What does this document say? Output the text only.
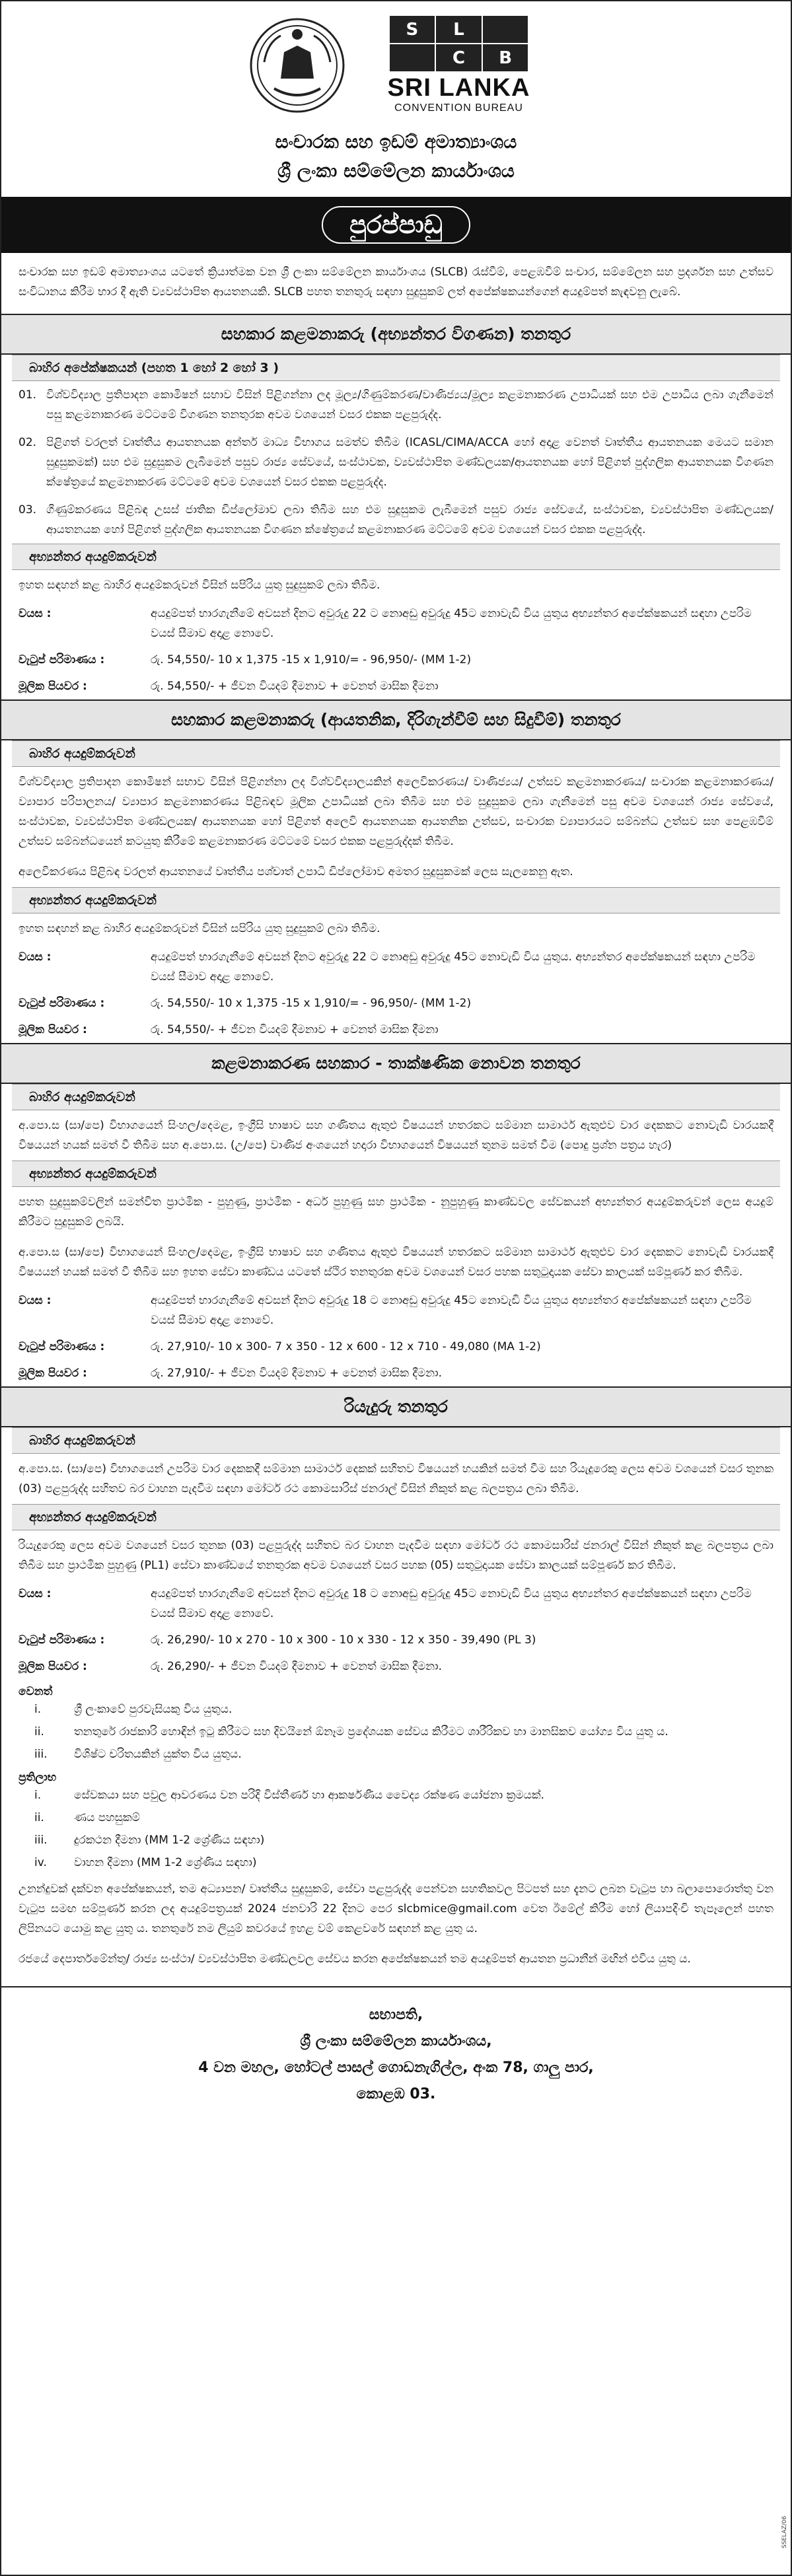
S	L
C	B
SRI LANKA
CONVENTION BUREAU
සංචාරක සහ ඉඩම් අමාත්‍යාංශය
ශ්‍රී ලංකා සම්මේලන කාර්යාංශය
පුරප්පාඩු
සංචාරක සහ ඉඩම් අමාත්‍යාංශය යටතේ ක්‍රියාත්මක වන ශ්‍රී ලංකා සම්මේලන කාර්යාංශය (SLCB) රැස්වීම්, පෙළඹවීම් සංචාර, සම්මේලන සහ ප්‍රදර්ශන සහ උත්සව සංවිධානය කිරීම භාර දී ඇති ව්‍යවස්ථාපිත ආයතනයකි. SLCB පහත තනතුරු සඳහා සුදුසුකම් ලත් අපේක්ෂකයන්ගෙන් අයදුම්පත් කැඳවනු ලැබේ.
සහකාර කළමනාකරු (අභ්‍යන්තර විගණන) තනතුර
බාහිර අපේක්ෂකයන් (පහත 1 හෝ 2 හෝ 3 )
01. විශ්වවිද්‍යාල ප්‍රතිපාදන කොමිෂන් සභාව විසින් පිළිගන්නා ලද මූල්‍ය/ගිණුම්කරණ/වාණිජ්‍යය/මූල්‍ය කළමනාකරණ උපාධියක් සහ එම උපාධිය ලබා ගැනීමෙන් පසු කළමනාකරණ මට්ටමේ විගණන තනතුරක අවම වශයෙන් වසර එකක පළපුරුද්ද.
02. පිළිගත් වරලත් වෘත්තීය ආයතනයක අන්තර් මාධ්‍ය විභාගය සමත්ව තිබීම (ICASL/CIMA/ACCA හෝ අදාළ වෙනත් වෘත්තීය ආයතනයක මෙයට සමාන සුදුසුකමක්) සහ එම සුදුසුකම ලැබීමෙන් පසුව රාජ්‍ය සේවයේ, සංස්ථාවක, ව්‍යවස්ථාපිත මණ්ඩලයක/ආයතනයක හෝ පිළිගත් පුද්ගලික ආයතනයක විගණන ක්ෂේත්‍රයේ කළමනාකරණ මට්ටමේ අවම වශයෙන් වසර එකක පළපුරුද්ද.
03. ගිණුම්කරණය පිළිබඳ උසස් ජාතික ඩිප්ලෝමාව ලබා තිබීම සහ එම සුදුසුකම ලැබීමෙන් පසුව රාජ්‍ය සේවයේ, සංස්ථාවක, ව්‍යවස්ථාපිත මණ්ඩලයක/ආයතනයක හෝ පිළිගත් පුද්ගලික ආයතනයක විගණන ක්ෂේත්‍රයේ කළමනාකරණ මට්ටමේ අවම වශයෙන් වසර එකක පළපුරුද්ද.
අභ්‍යන්තර අයදුම්කරුවන්
ඉහත සඳහන් කළ බාහිර අයදුම්කරුවන් විසින් සපිරිය යුතු සුදුසුකම් ලබා තිබීම.
වයස :	අයදුම්පත් භාරගැනීමේ අවසන් දිනට අවුරුදු 22 ට නොඅඩු අවුරුදු 45ට නොවැඩි විය යුතුය අභ්‍යන්තර අපේක්ෂකයන් සඳහා උපරිම වයස් සීමාව අදාළ නොවේ.
වැටුප් පරිමාණය :	රු. 54,550/- 10 x 1,375 -15 x 1,910/= - 96,950/- (MM 1-2)
මූලික පියවර :	රු. 54,550/- + ජීවන වියදම් දීමනාව + වෙනත් මාසික දීමනා
සහකාර කළමනාකරු (ආයතනික, දිරිගැන්වීම් සහ සිදුවීම්) තනතුර
බාහිර අයදුම්කරුවන්
විශ්වවිද්‍යාල ප්‍රතිපාදන කොමිෂන් සභාව විසින් පිළිගන්නා ලද විශ්වවිද්‍යාලයකින් අලෙවිකරණය/ වාණිජ්‍යය/ උත්සව කළමනාකරණය/ සංචාරක කළමනාකරණය/ ව්‍යාපාර පරිපාලනය/ ව්‍යාපාර කළමනාකරණය පිළිබඳව මූලික උපාධියක් ලබා තිබීම සහ එම සුදුසුකම ලබා ගැනීමෙන් පසු අවම වශයෙන් රාජ්‍ය සේවයේ, සංස්ථාවක, ව්‍යවස්ථාපිත මණ්ඩලයක/ ආයතනයක හෝ පිළිගත් අලෙවි ආයතනයක ආයතනික උත්සව, සංචාරක ව්‍යාපාරයට සම්බන්ධ උත්සව සහ පෙළඹවීම් උත්සව සම්බන්ධයෙන් කටයුතු කිරීමේ කළමනාකරණ මට්ටමේ වසර එකක පළපුරුද්දක් තිබීම.
අලෙවිකරණය පිළිබඳ වරලත් ආයතනයේ වෘත්තීය පශ්චාත් උපාධි ඩිප්ලෝමාව අමතර සුදුසුකමක් ලෙස සැලකෙනු ඇත.
අභ්‍යන්තර අයදුම්කරුවන්
ඉහත සඳහන් කළ බාහිර අයදුම්කරුවන් විසින් සපිරිය යුතු සුදුසුකම් ලබා තිබීම.
වයස :	අයදුම්පත් භාරගැනීමේ අවසන් දිනට අවුරුදු 22 ට නොඅඩු අවුරුදු 45ට නොවැඩි විය යුතුය. අභ්‍යන්තර අපේක්ෂකයන් සඳහා උපරිම වයස් සීමාව අදාළ නොවේ.
වැටුප් පරිමාණය :	රු. 54,550/- 10 x 1,375 -15 x 1,910/= - 96,950/- (MM 1-2)
මූලික පියවර :	රු. 54,550/- + ජීවන වියදම් දීමනාව + වෙනත් මාසික දීමනා
කළමනාකරණ සහකාර - තාක්ෂණික නොවන තනතුර
බාහිර අයදුම්කරුවන්
අ.පො.ස (සා/පෙ) විභාගයෙන් සිංහල/දෙමළ, ඉංග්‍රීසි භාෂාව සහ ගණිතය ඇතුළු විෂයයන් හතරකට සම්මාන සාමාර්ථ ඇතුළුව වාර දෙකකට නොවැඩි වාරයකදී විෂයයන් හයක් සමත් වී තිබීම සහ අ.පො.ස. (උ/පෙ) වාණිජ අංශයෙන් හදාරා විභාගයෙන් විෂයයන් තුනම සමත් වීම (පොදු ප්‍රශ්න පත්‍රය හැර)
අභ්‍යන්තර අයදුම්කරුවන්
පහත සුදුසුකම්වලින් සමන්විත ප්‍රාථමික - පුහුණු, ප්‍රාථමික - අර්ධ පුහුණු සහ ප්‍රාථමික - නුපුහුණු කාණ්ඩවල සේවකයන් අභ්‍යන්තර අයදුම්කරුවන් ලෙස අයදුම් කිරීමට සුදුසුකම් ලබයි.
අ.පො.ස (සා/පෙ) විභාගයෙන් සිංහල/දෙමළ, ඉංග්‍රීසි භාෂාව සහ ගණිතය ඇතුළු විෂයයන් හතරකට සම්මාන සාමාර්ථ ඇතුළුව වාර දෙකකට නොවැඩි වාරයකදී විෂයයන් හයක් සමත් වී තිබීම සහ ඉහත සේවා කාණ්ඩය යටතේ ස්ථිර තනතුරක අවම වශයෙන් වසර පහක සතුටුදායක සේවා කාලයක් සම්පූර්ණ කර තිබීම.
වයස :	අයදුම්පත් භාරගැනීමේ අවසන් දිනට අවුරුදු 18 ට නොඅඩු අවුරුදු 45ට නොවැඩි විය යුතුය අභ්‍යන්තර අපේක්ෂකයන් සඳහා උපරිම වයස් සීමාව අදාළ නොවේ.
වැටුප් පරිමාණය :	රු. 27,910/- 10 x 300- 7 x 350 - 12 x 600 - 12 x 710 - 49,080 (MA 1-2)
මූලික පියවර :	රු. 27,910/- + ජීවන වියදම් දීමනාව + වෙනත් මාසික දීමනා.
රියැදුරු තනතුර
බාහිර අයදුම්කරුවන්
අ.පො.ස. (සා/පෙ) විභාගයෙන් උපරිම වාර දෙකකදී සම්මාන සාමාර්ථ දෙකක් සහිතව විෂයයන් හයකින් සමත් වීම සහ රියැදුරෙකු ලෙස අවම වශයෙන් වසර තුනක (03) පළපුරුද්ද සහිතව බර වාහන පැදවීම සඳහා මෝටර් රථ කොමසාරිස් ජනරාල් විසින් නිකුත් කළ බලපත්‍රය ලබා තිබීම.
අභ්‍යන්තර අයදුම්කරුවන්
රියැදුරෙකු ලෙස අවම වශයෙන් වසර තුනක (03) පළපුරුද්ද සහිතව බර වාහන පැදවීම සඳහා මෝටර් රථ කොමසාරිස් ජනරාල් විසින් නිකුත් කළ බලපත්‍රය ලබා තිබීම සහ ප්‍රාථමික පුහුණු (PL1) සේවා කාණ්ඩයේ තනතුරක අවම වශයෙන් වසර පහක (05) සතුටුදායක සේවා කාලයක් සම්පූර්ණ කර තිබීම.
වයස :	අයදුම්පත් භාරගැනීමේ අවසන් දිනට අවුරුදු 18 ට නොඅඩු අවුරුදු 45ට නොවැඩි විය යුතුය අභ්‍යන්තර අපේක්ෂකයන් සඳහා උපරිම වයස් සීමාව අදාළ නොවේ.
වැටුප් පරිමාණය :	රු. 26,290/- 10 x 270 - 10 x 300 - 10 x 330 - 12 x 350 - 39,490 (PL 3)
මූලික පියවර :	රු. 26,290/- + ජීවන වියදම් දීමනාව + වෙනත් මාසික දීමනා.
වෙනත්
i.	ශ්‍රී ලංකාවේ පුරවැසියකු විය යුතුය.
ii.	තනතුරේ රාජකාරි හොඳින් ඉටු කිරීමට සහ දිවයිනේ ඕනෑම ප්‍රදේශයක සේවය කිරීමට ශාරීරිකව හා මානසිකව යෝග්‍ය විය යුතු ය.
iii.	විශිෂ්ට චරිතයකින් යුක්ත විය යුතුය.
ප්‍රතිලාභ
i.	සේවකයා සහ පවුල ආවරණය වන පරිදි විස්තීර්ණ හා ආකර්ෂණීය වෛද්‍ය රක්ෂණ යෝජනා ක්‍රමයක්.
ii.	ණය පහසුකම්
iii.	දුරකථන දීමනා (MM 1-2 ශ්‍රේණිය සඳහා)
iv.	වාහන දීමනා (MM 1-2 ශ්‍රේණිය සඳහා)
උනන්දුවක් දක්වන අපේක්ෂකයන්, තම අධ්‍යාපන/ වෘත්තීය සුදුසුකම්, සේවා පළපුරුද්ද පෙන්වන සහතිකවල පිටපත් සහ දැනට ලබන වැටුප හා බලාපොරොත්තු වන වැටුප සමඟ සම්පූර්ණ කරන ලද අයදුම්පත්‍රයක් 2024 ජනවාරි 22 දිනට පෙර slcbmice@gmail.com වෙත ඊමේල් කිරීම හෝ ලියාපදිංචි තැපෑලෙන් පහත ලිපිනයට යොමු කළ යුතු ය. තනතුරේ නම ලියුම් කවරයේ ඉහළ වම් කෙළවරේ සඳහන් කළ යුතු ය.
රජයේ දෙපාර්තමේන්තු/ රාජ්‍ය සංස්ථා/ ව්‍යවස්ථාපිත මණ්ඩලවල සේවය කරන අපේක්ෂකයන් තම අයදුම්පත් ආයතන ප්‍රධානීන් මඟින් එවිය යුතු ය.
සභාපති,
ශ්‍රී ලංකා සම්මේලන කාර්යාංශය,
4 වන මහල, හෝටල් පාසල් ගොඩනැගිල්ල, අංක 78, ගාලු පාර,
කොළඹ 03.
SSELAZ/06
